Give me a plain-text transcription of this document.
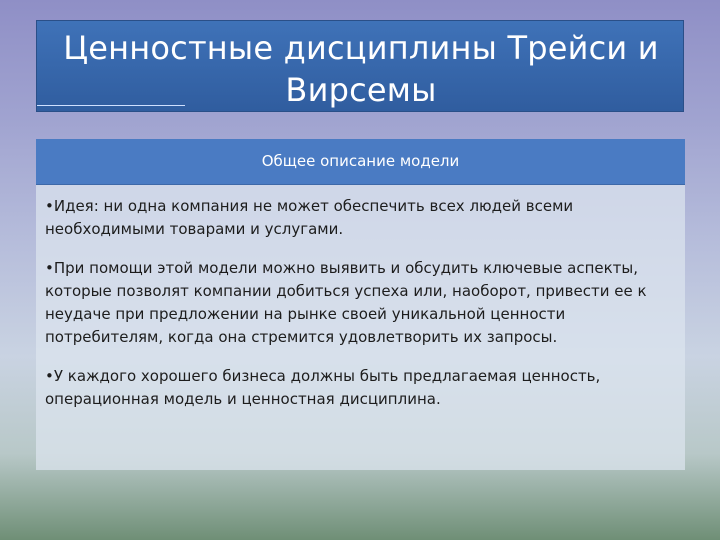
Ценностные дисциплины Трейси и Вирсемы
Общее описание модели

•Идея: ни одна компания не может обеспечить всех людей всеми необходимыми товарами и услугами.

•При помощи этой модели можно выявить и обсудить ключевые аспекты, которые позволят компании добиться успеха или, наоборот, привести ее к неудаче при предложении на рынке своей уникальной ценности потребителям, когда она стремится удовлетворить их запросы.

•У каждого хорошего бизнеса должны быть предлагаемая ценность, операционная модель и ценностная дисциплина.
